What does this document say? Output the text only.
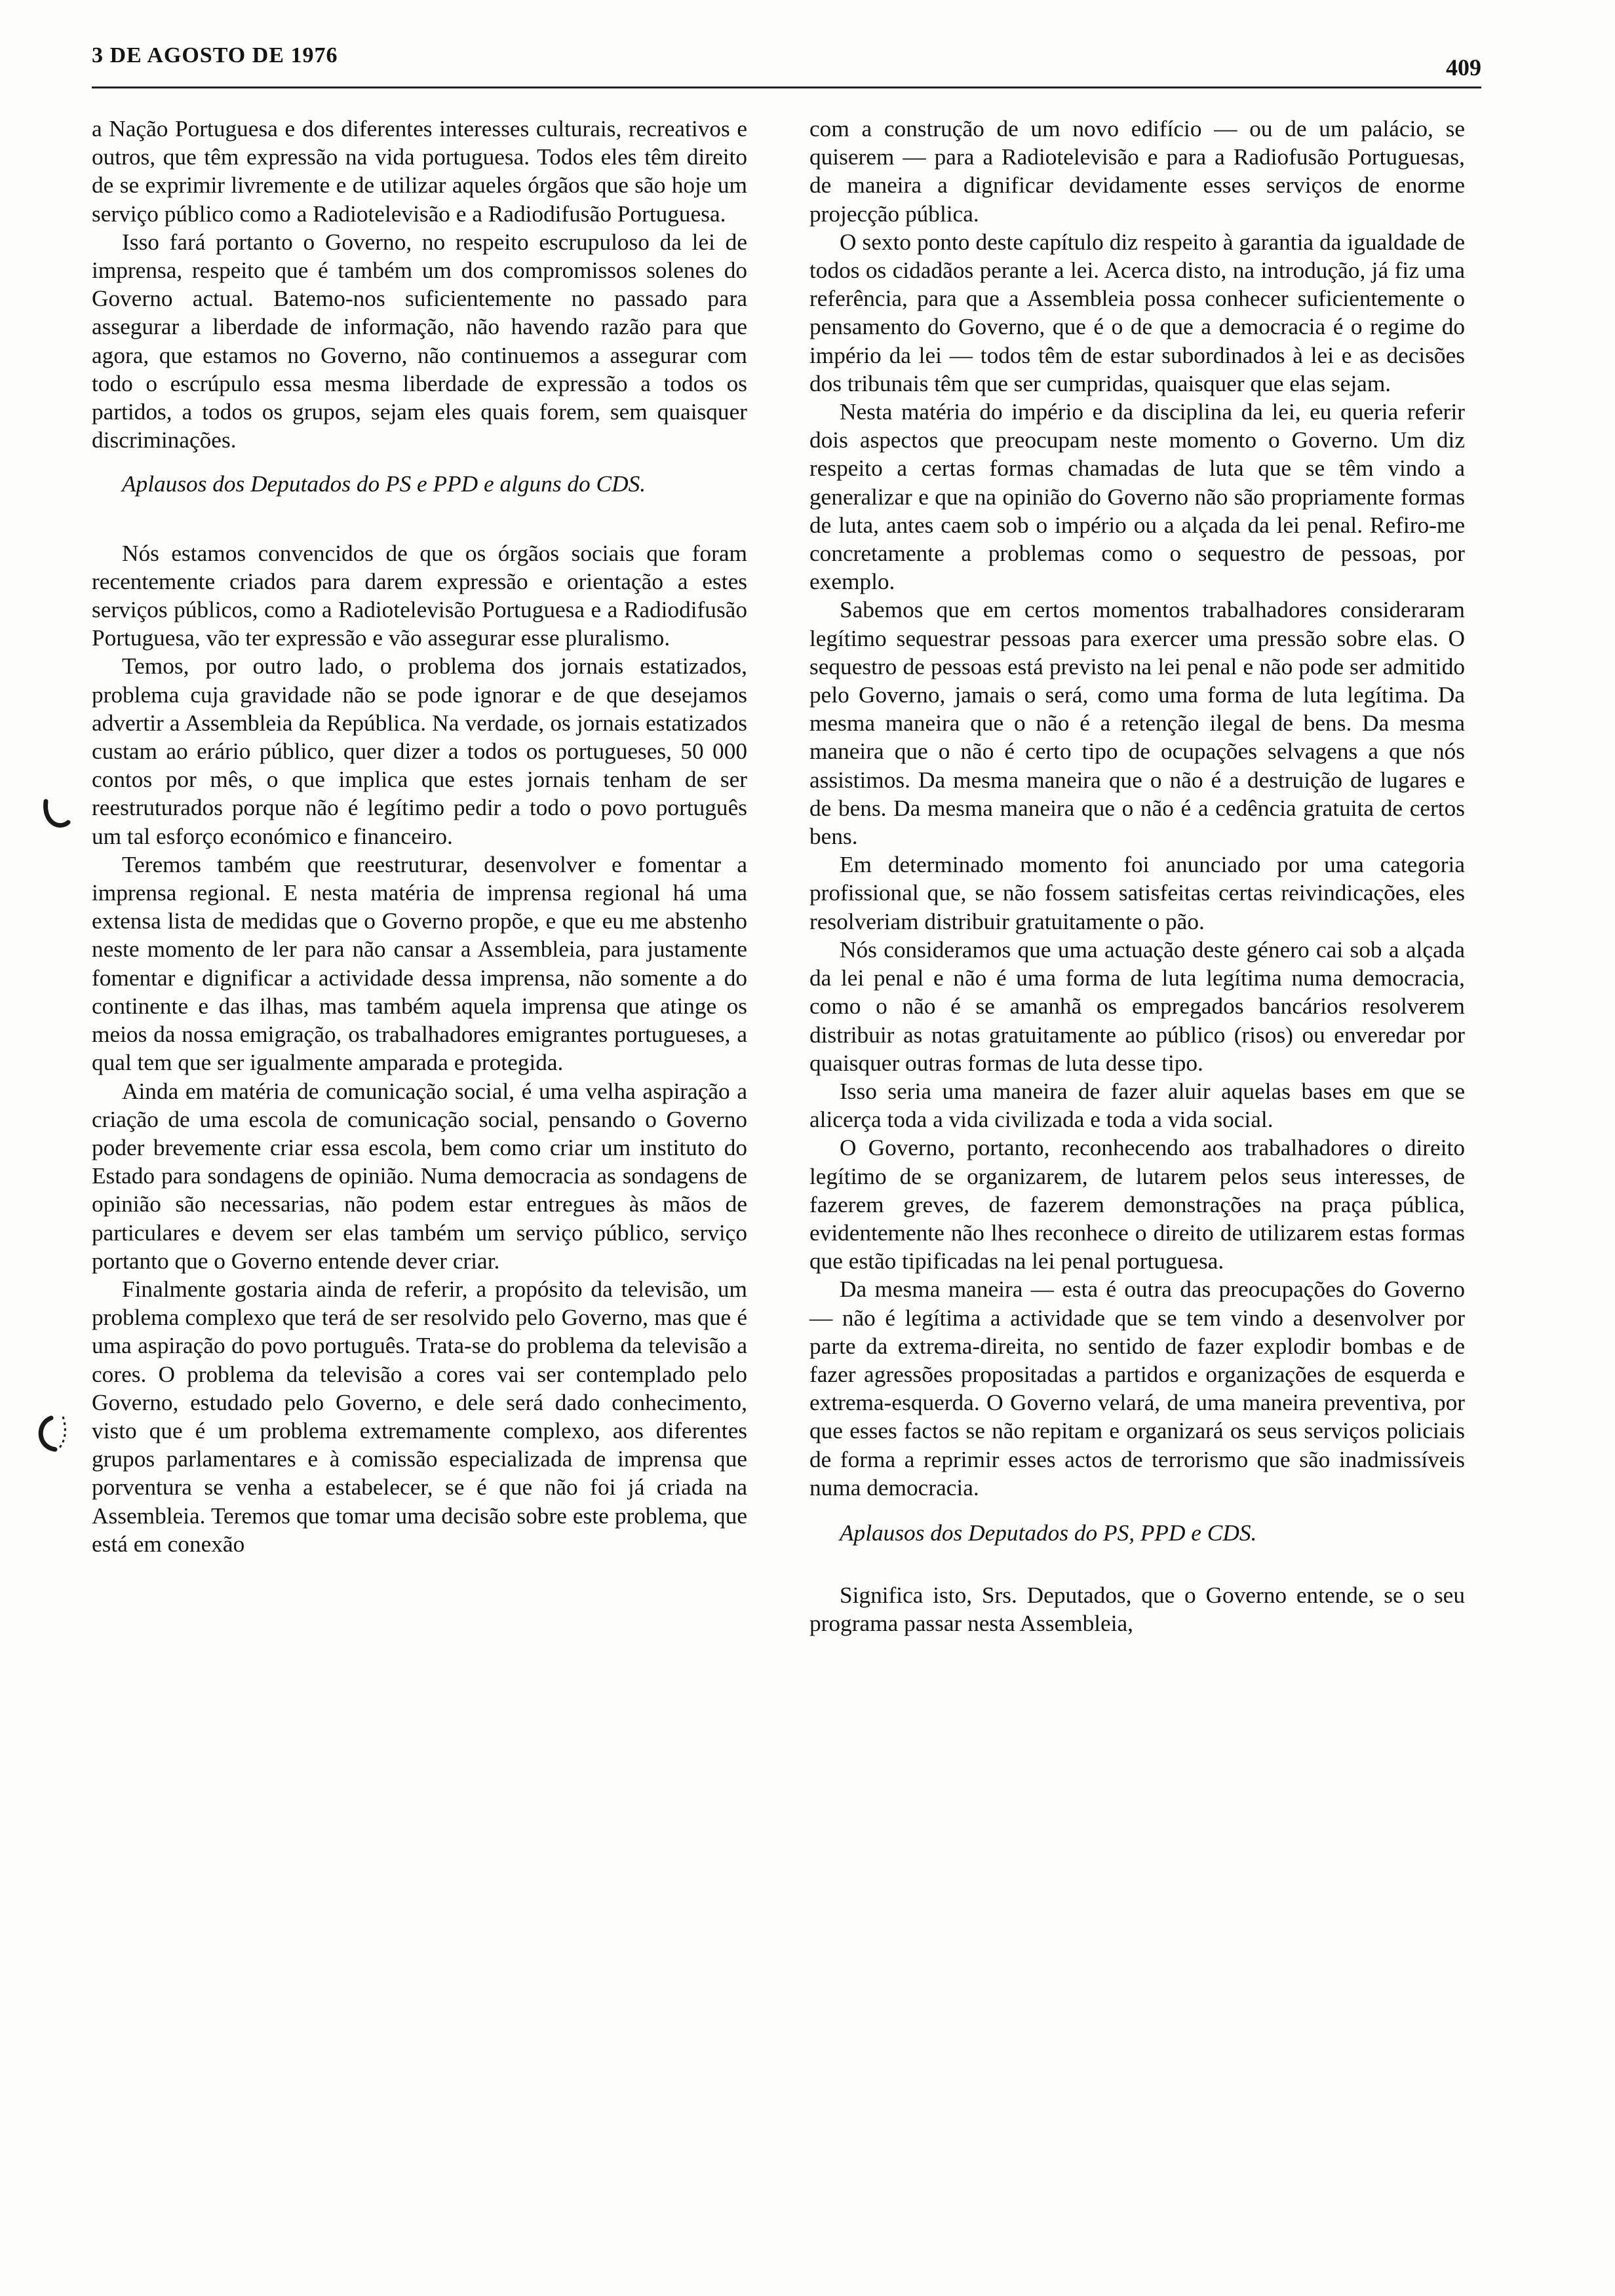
3 DE AGOSTO DE 1976	409

a Nação Portuguesa e dos diferentes interesses culturais, recreativos e outros, que têm expressão na vida portuguesa. Todos eles têm direito de se exprimir livremente e de utilizar aqueles órgãos que são hoje um serviço público como a Radiotelevisão e a Radiodifusão Portuguesa.

Isso fará portanto o Governo, no respeito escrupuloso da lei de imprensa, respeito que é também um dos compromissos solenes do Governo actual. Batemo-nos suficientemente no passado para assegurar a liberdade de informação, não havendo razão para que agora, que estamos no Governo, não continuemos a assegurar com todo o escrúpulo essa mesma liberdade de expressão a todos os partidos, a todos os grupos, sejam eles quais forem, sem quaisquer discriminações.

Aplausos dos Deputados do PS e PPD e alguns do CDS.

Nós estamos convencidos de que os órgãos sociais que foram recentemente criados para darem expressão e orientação a estes serviços públicos, como a Radiotelevisão Portuguesa e a Radiodifusão Portuguesa, vão ter expressão e vão assegurar esse pluralismo.

Temos, por outro lado, o problema dos jornais estatizados, problema cuja gravidade não se pode ignorar e de que desejamos advertir a Assembleia da República. Na verdade, os jornais estatizados custam ao erário público, quer dizer a todos os portugueses, 50 000 contos por mês, o que implica que estes jornais tenham de ser reestruturados porque não é legítimo pedir a todo o povo português um tal esforço económico e financeiro.

Teremos também que reestruturar, desenvolver e fomentar a imprensa regional. E nesta matéria de imprensa regional há uma extensa lista de medidas que o Governo propõe, e que eu me abstenho neste momento de ler para não cansar a Assembleia, para justamente fomentar e dignificar a actividade dessa imprensa, não somente a do continente e das ilhas, mas também aquela imprensa que atinge os meios da nossa emigração, os trabalhadores emigrantes portugueses, a qual tem que ser igualmente amparada e protegida.

Ainda em matéria de comunicação social, é uma velha aspiração a criação de uma escola de comunicação social, pensando o Governo poder brevemente criar essa escola, bem como criar um instituto do Estado para sondagens de opinião. Numa democracia as sondagens de opinião são necessarias, não podem estar entregues às mãos de particulares e devem ser elas também um serviço público, serviço portanto que o Governo entende dever criar.

Finalmente gostaria ainda de referir, a propósito da televisão, um problema complexo que terá de ser resolvido pelo Governo, mas que é uma aspiração do povo português. Trata-se do problema da televisão a cores. O problema da televisão a cores vai ser contemplado pelo Governo, estudado pelo Governo, e dele será dado conhecimento, visto que é um problema extremamente complexo, aos diferentes grupos parlamentares e à comissão especializada de imprensa que porventura se venha a estabelecer, se é que não foi já criada na Assembleia. Teremos que tomar uma decisão sobre este problema, que está em conexão

com a construção de um novo edifício — ou de um palácio, se quiserem — para a Radiotelevisão e para a Radiofusão Portuguesas, de maneira a dignificar devidamente esses serviços de enorme projecção pública.

O sexto ponto deste capítulo diz respeito à garantia da igualdade de todos os cidadãos perante a lei. Acerca disto, na introdução, já fiz uma referência, para que a Assembleia possa conhecer suficientemente o pensamento do Governo, que é o de que a democracia é o regime do império da lei — todos têm de estar subordinados à lei e as decisões dos tribunais têm que ser cumpridas, quaisquer que elas sejam.

Nesta matéria do império e da disciplina da lei, eu queria referir dois aspectos que preocupam neste momento o Governo. Um diz respeito a certas formas chamadas de luta que se têm vindo a generalizar e que na opinião do Governo não são propriamente formas de luta, antes caem sob o império ou a alçada da lei penal. Refiro-me concretamente a problemas como o sequestro de pessoas, por exemplo.

Sabemos que em certos momentos trabalhadores consideraram legítimo sequestrar pessoas para exercer uma pressão sobre elas. O sequestro de pessoas está previsto na lei penal e não pode ser admitido pelo Governo, jamais o será, como uma forma de luta legítima. Da mesma maneira que o não é a retenção ilegal de bens. Da mesma maneira que o não é certo tipo de ocupações selvagens a que nós assistimos. Da mesma maneira que o não é a destruição de lugares e de bens. Da mesma maneira que o não é a cedência gratuita de certos bens.

Em determinado momento foi anunciado por uma categoria profissional que, se não fossem satisfeitas certas reivindicações, eles resolveriam distribuir gratuitamente o pão.

Nós consideramos que uma actuação deste género cai sob a alçada da lei penal e não é uma forma de luta legítima numa democracia, como o não é se amanhã os empregados bancários resolverem distribuir as notas gratuitamente ao público (risos) ou enveredar por quaisquer outras formas de luta desse tipo.

Isso seria uma maneira de fazer aluir aquelas bases em que se alicerça toda a vida civilizada e toda a vida social.

O Governo, portanto, reconhecendo aos trabalhadores o direito legítimo de se organizarem, de lutarem pelos seus interesses, de fazerem greves, de fazerem demonstrações na praça pública, evidentemente não lhes reconhece o direito de utilizarem estas formas que estão tipificadas na lei penal portuguesa.

Da mesma maneira — esta é outra das preocupações do Governo — não é legítima a actividade que se tem vindo a desenvolver por parte da extrema-direita, no sentido de fazer explodir bombas e de fazer agressões propositadas a partidos e organizações de esquerda e extrema-esquerda. O Governo velará, de uma maneira preventiva, por que esses factos se não repitam e organizará os seus serviços policiais de forma a reprimir esses actos de terrorismo que são inadmissíveis numa democracia.

Aplausos dos Deputados do PS, PPD e CDS.

Significa isto, Srs. Deputados, que o Governo entende, se o seu programa passar nesta Assembleia,
